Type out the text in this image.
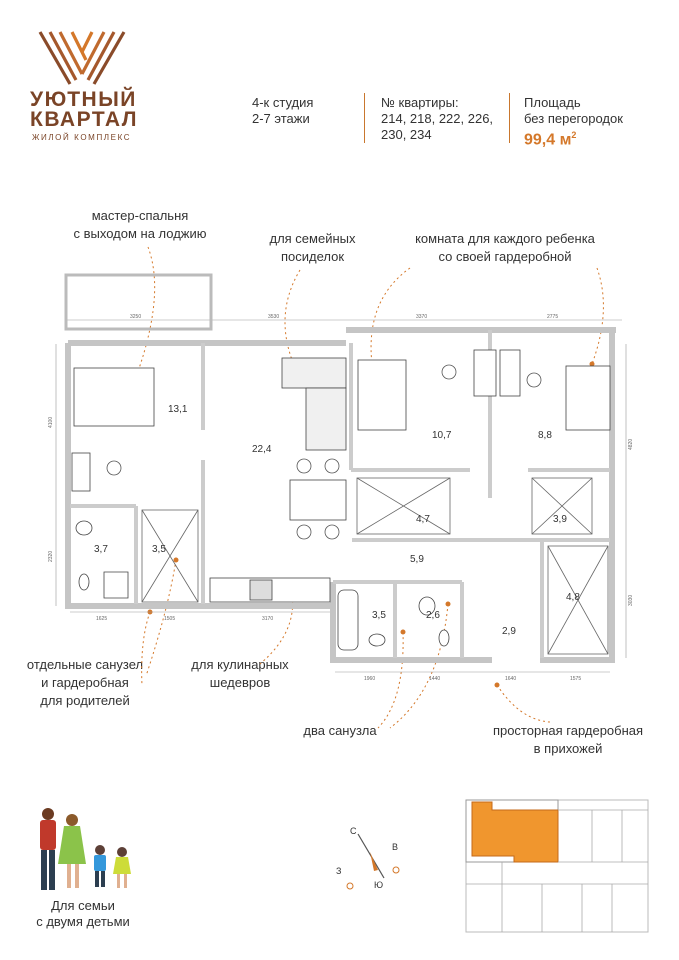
УЮТНЫЙ
КВАРТАЛ
ЖИЛОЙ КОМПЛЕКС
4-к студия
2-7 этажи
№ квартиры:
214, 218, 222, 226,
230, 234
Площадь
без перегородок
99,4 $м^2$
мастер-спальня
с выходом на лоджию	для семейных
посиделок
комната для каждого ребенка
со своей гардеробной
отдельные санузел
и гардеробная
для родителей
для кулинарных
шедевров
два санузла	просторная гардеробная
в прихожей
13,1
22,4
10,7	8,8
4,7	3,9
3,7	3,5
5,9
3,5	2,6
2,9
4,8
3250	3530	3370	2775
1625	1505	3170
1960	1440	1640	1575
4100
2320
4820
3030
Для семьи
с двумя детьми
С
В
З
Ю
